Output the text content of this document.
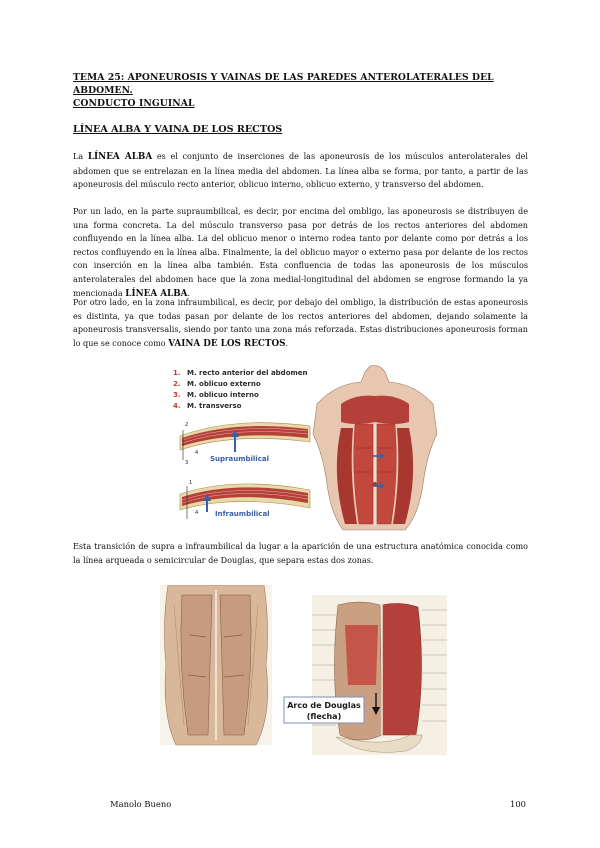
TEMA 25: APONEUROSIS Y VAINAS DE LAS PAREDES ANTEROLATERALES DEL ABDOMEN.
CONDUCTO INGUINAL
LÍNEA ALBA Y VAINA DE LOS RECTOS
La LÍNEA ALBA es el conjunto de inserciones de las aponeurosis de los músculos anterolaterales del abdomen que se entrelazan en la línea media del abdomen. La línea alba se forma, por tanto, a partir de las aponeurosis del músculo recto anterior, oblicuo interno, oblicuo externo, y transverso del abdomen.
Por un lado, en la parte supraumbilical, es decir, por encima del ombligo, las aponeurosis se distribuyen de una forma concreta. La del músculo transverso pasa por detrás de los rectos anteriores del abdomen confluyendo en la línea alba. La del oblicuo menor o interno rodea tanto por delante como por detrás a los rectos confluyendo en la línea alba. Finalmente, la del oblicuo mayor o externo pasa por delante de los rectos con inserción en la línea alba también. Esta confluencia de todas las aponeurosis de los músculos anterolaterales del abdomen hace que la zona medial-longitudinal del abdomen se engrose formando la ya mencionada LÍNEA ALBA.
Por otro lado, en la zona infraumbilical, es decir, por debajo del ombligo, la distribución de estas aponeurosis es distinta, ya que todas pasan por delante de los rectos anteriores del abdomen, dejando solamente la aponeurosis transversalis, siendo por tanto una zona más reforzada. Estas distribuciones aponeurosis forman lo que se conoce como VAINA DE LOS RECTOS.
1. M. recto anterior del abdomen
2. M. oblicuo externo
3. M. oblicuo interno
4. M. transverso
2
3
4
Supraumbilical
1
4 Infraumbilical
Esta transición de supra a infraumbilical da lugar a la aparición de una estructura anatómica conocida como la línea arqueada o semicircular de Douglas, que separa estas dos zonas.
Arco de Douglas
(flecha)
Manolo Bueno	100
